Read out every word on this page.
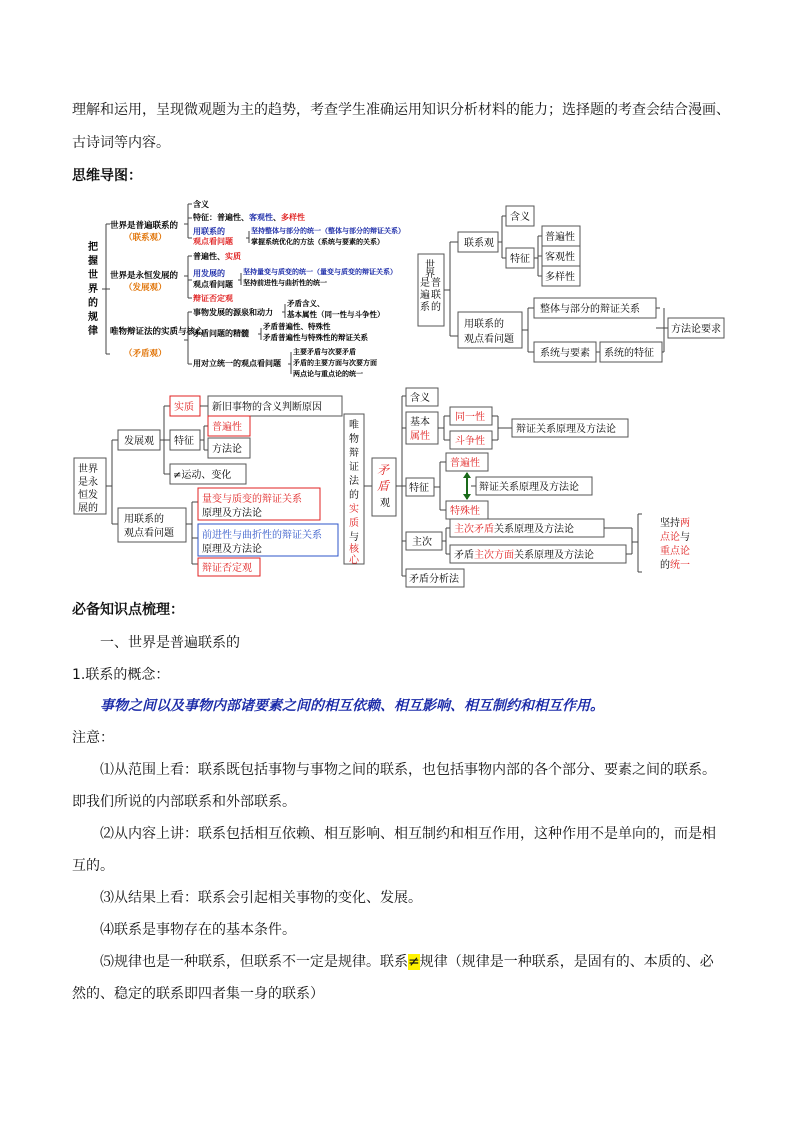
理解和运用，呈现微观题为主的趋势，考查学生准确运用知识分析材料的能力；选择题的考查会结合漫画、
古诗词等内容。
思维导图：
把
握
世
界
的
规
律
世界是普遍联系的
（联系观）
含义
特征：普遍性、客观性、多样性
用联系的
观点看问题
坚持整体与部分的统一（整体与部分的辩证关系）
掌握系统优化的方法（系统与要素的关系）
世界是永恒发展的
（发展观）
普遍性、实质
用发展的
观点看问题
坚持量变与质变的统一（量变与质变的辩证关系）
坚持前进性与曲折性的统一
辩证否定观
唯物辩证法的实质与核心
（矛盾观）
事物发展的源泉和动力
矛盾含义、
基本属性（同一性与斗争性）
矛盾问题的精髓
矛盾普遍性、特殊性
矛盾普遍性与特殊性的辩证关系
用对立统一的观点看问题
主要矛盾与次要矛盾
矛盾的主要方面与次要方面
两点论与重点论的统一
世
界
是 普
遍 联
系 的
联系观
含义
特征
普遍性
客观性
多样性
用联系的
观点看问题
整体与部分的辩证关系
系统与要素 系统的特征
方法论要求
世界
是永
恒发
展的
发展观
实质 新旧事物的含义判断原因
特征
普遍性
方法论
≠运动、变化
用联系的
观点看问题
量变与质变的辩证关系
原理及方法论
前进性与曲折性的辩证关系
原理及方法论
辩证否定观
唯
物
辩
证
法
的
实
质
与
核
心
矛
盾
观
含义
基本
属性
同一性
斗争性
辩证关系原理及方法论
特征
普遍性
特殊性
辩证关系原理及方法论
主次
主次矛盾关系原理及方法论
矛盾主次方面关系原理及方法论
坚持两
点论与
重点论
的统一
矛盾分析法
必备知识点梳理：
一、世界是普遍联系的
1.联系的概念：
事物之间以及事物内部诸要素之间的相互依赖、相互影响、相互制约和相互作用。
注意：
⑴从范围上看：联系既包括事物与事物之间的联系，也包括事物内部的各个部分、要素之间的联系。
即我们所说的内部联系和外部联系。
⑵从内容上讲：联系包括相互依赖、相互影响、相互制约和相互作用，这种作用不是单向的，而是相
互的。
⑶从结果上看：联系会引起相关事物的变化、发展。
⑷联系是事物存在的基本条件。
⑸规律也是一种联系，但联系不一定是规律。联系≠规律（规律是一种联系，是固有的、本质的、必
然的、稳定的联系即四者集一身的联系）
